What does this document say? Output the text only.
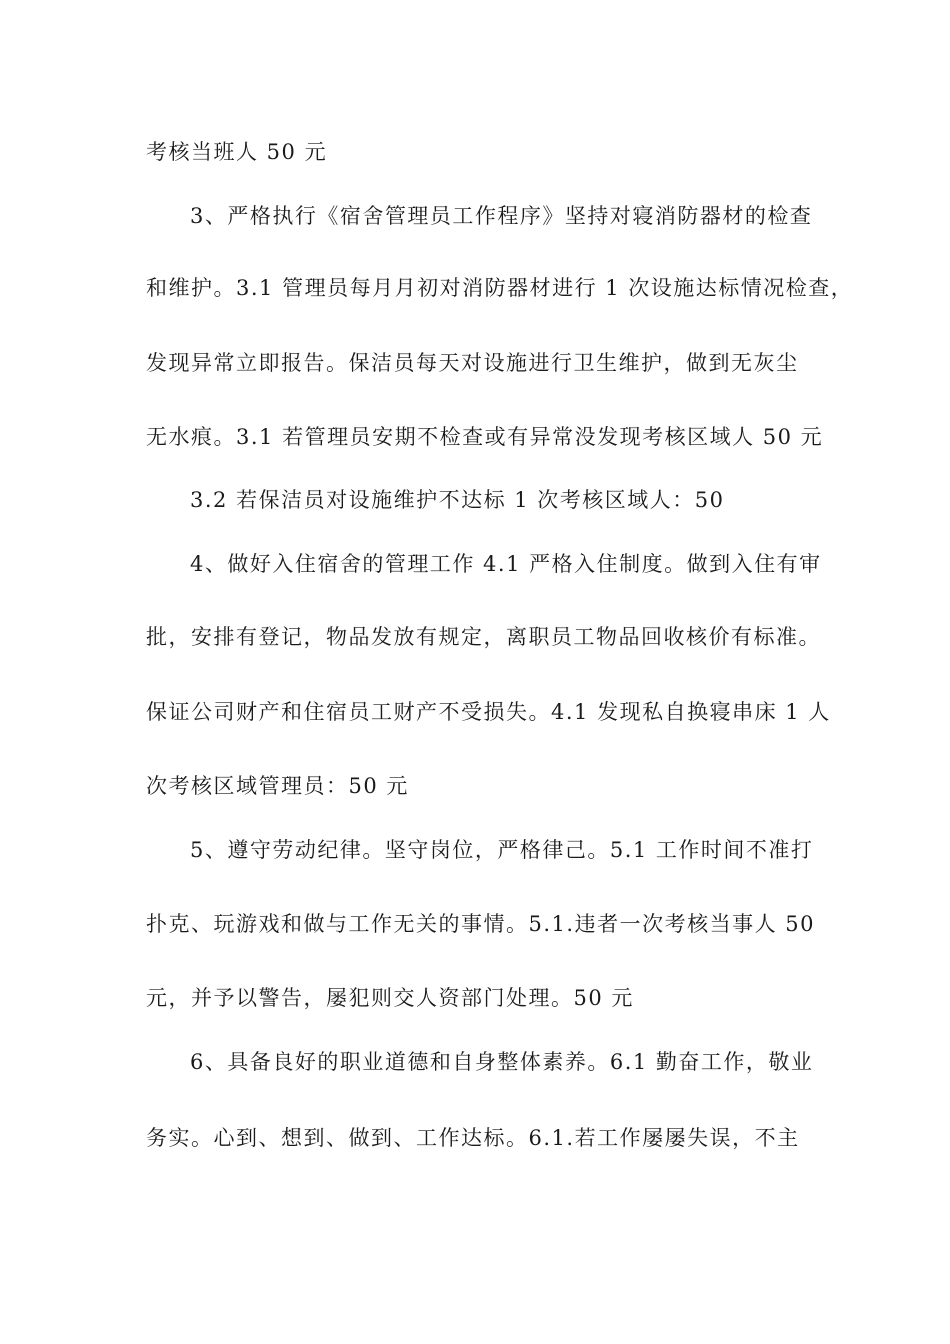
考核当班人 50 元
3、严格执行《宿舍管理员工作程序》坚持对寝消防器材的检查
和维护。3.1 管理员每月月初对消防器材进行 1 次设施达标情况检查，
发现异常立即报告。保洁员每天对设施进行卫生维护，做到无灰尘
无水痕。3.1 若管理员安期不检查或有异常没发现考核区域人 50 元
3.2 若保洁员对设施维护不达标 1 次考核区域人：50
4、做好入住宿舍的管理工作 4.1 严格入住制度。做到入住有审
批，安排有登记，物品发放有规定，离职员工物品回收核价有标准。
保证公司财产和住宿员工财产不受损失。4.1 发现私自换寝串床 1 人
次考核区域管理员：50 元
5、遵守劳动纪律。坚守岗位，严格律己。5.1 工作时间不准打
扑克、玩游戏和做与工作无关的事情。5.1.违者一次考核当事人 50
元，并予以警告，屡犯则交人资部门处理。50 元
6、具备良好的职业道德和自身整体素养。6.1 勤奋工作，敬业
务实。心到、想到、做到、工作达标。6.1.若工作屡屡失误，不主
